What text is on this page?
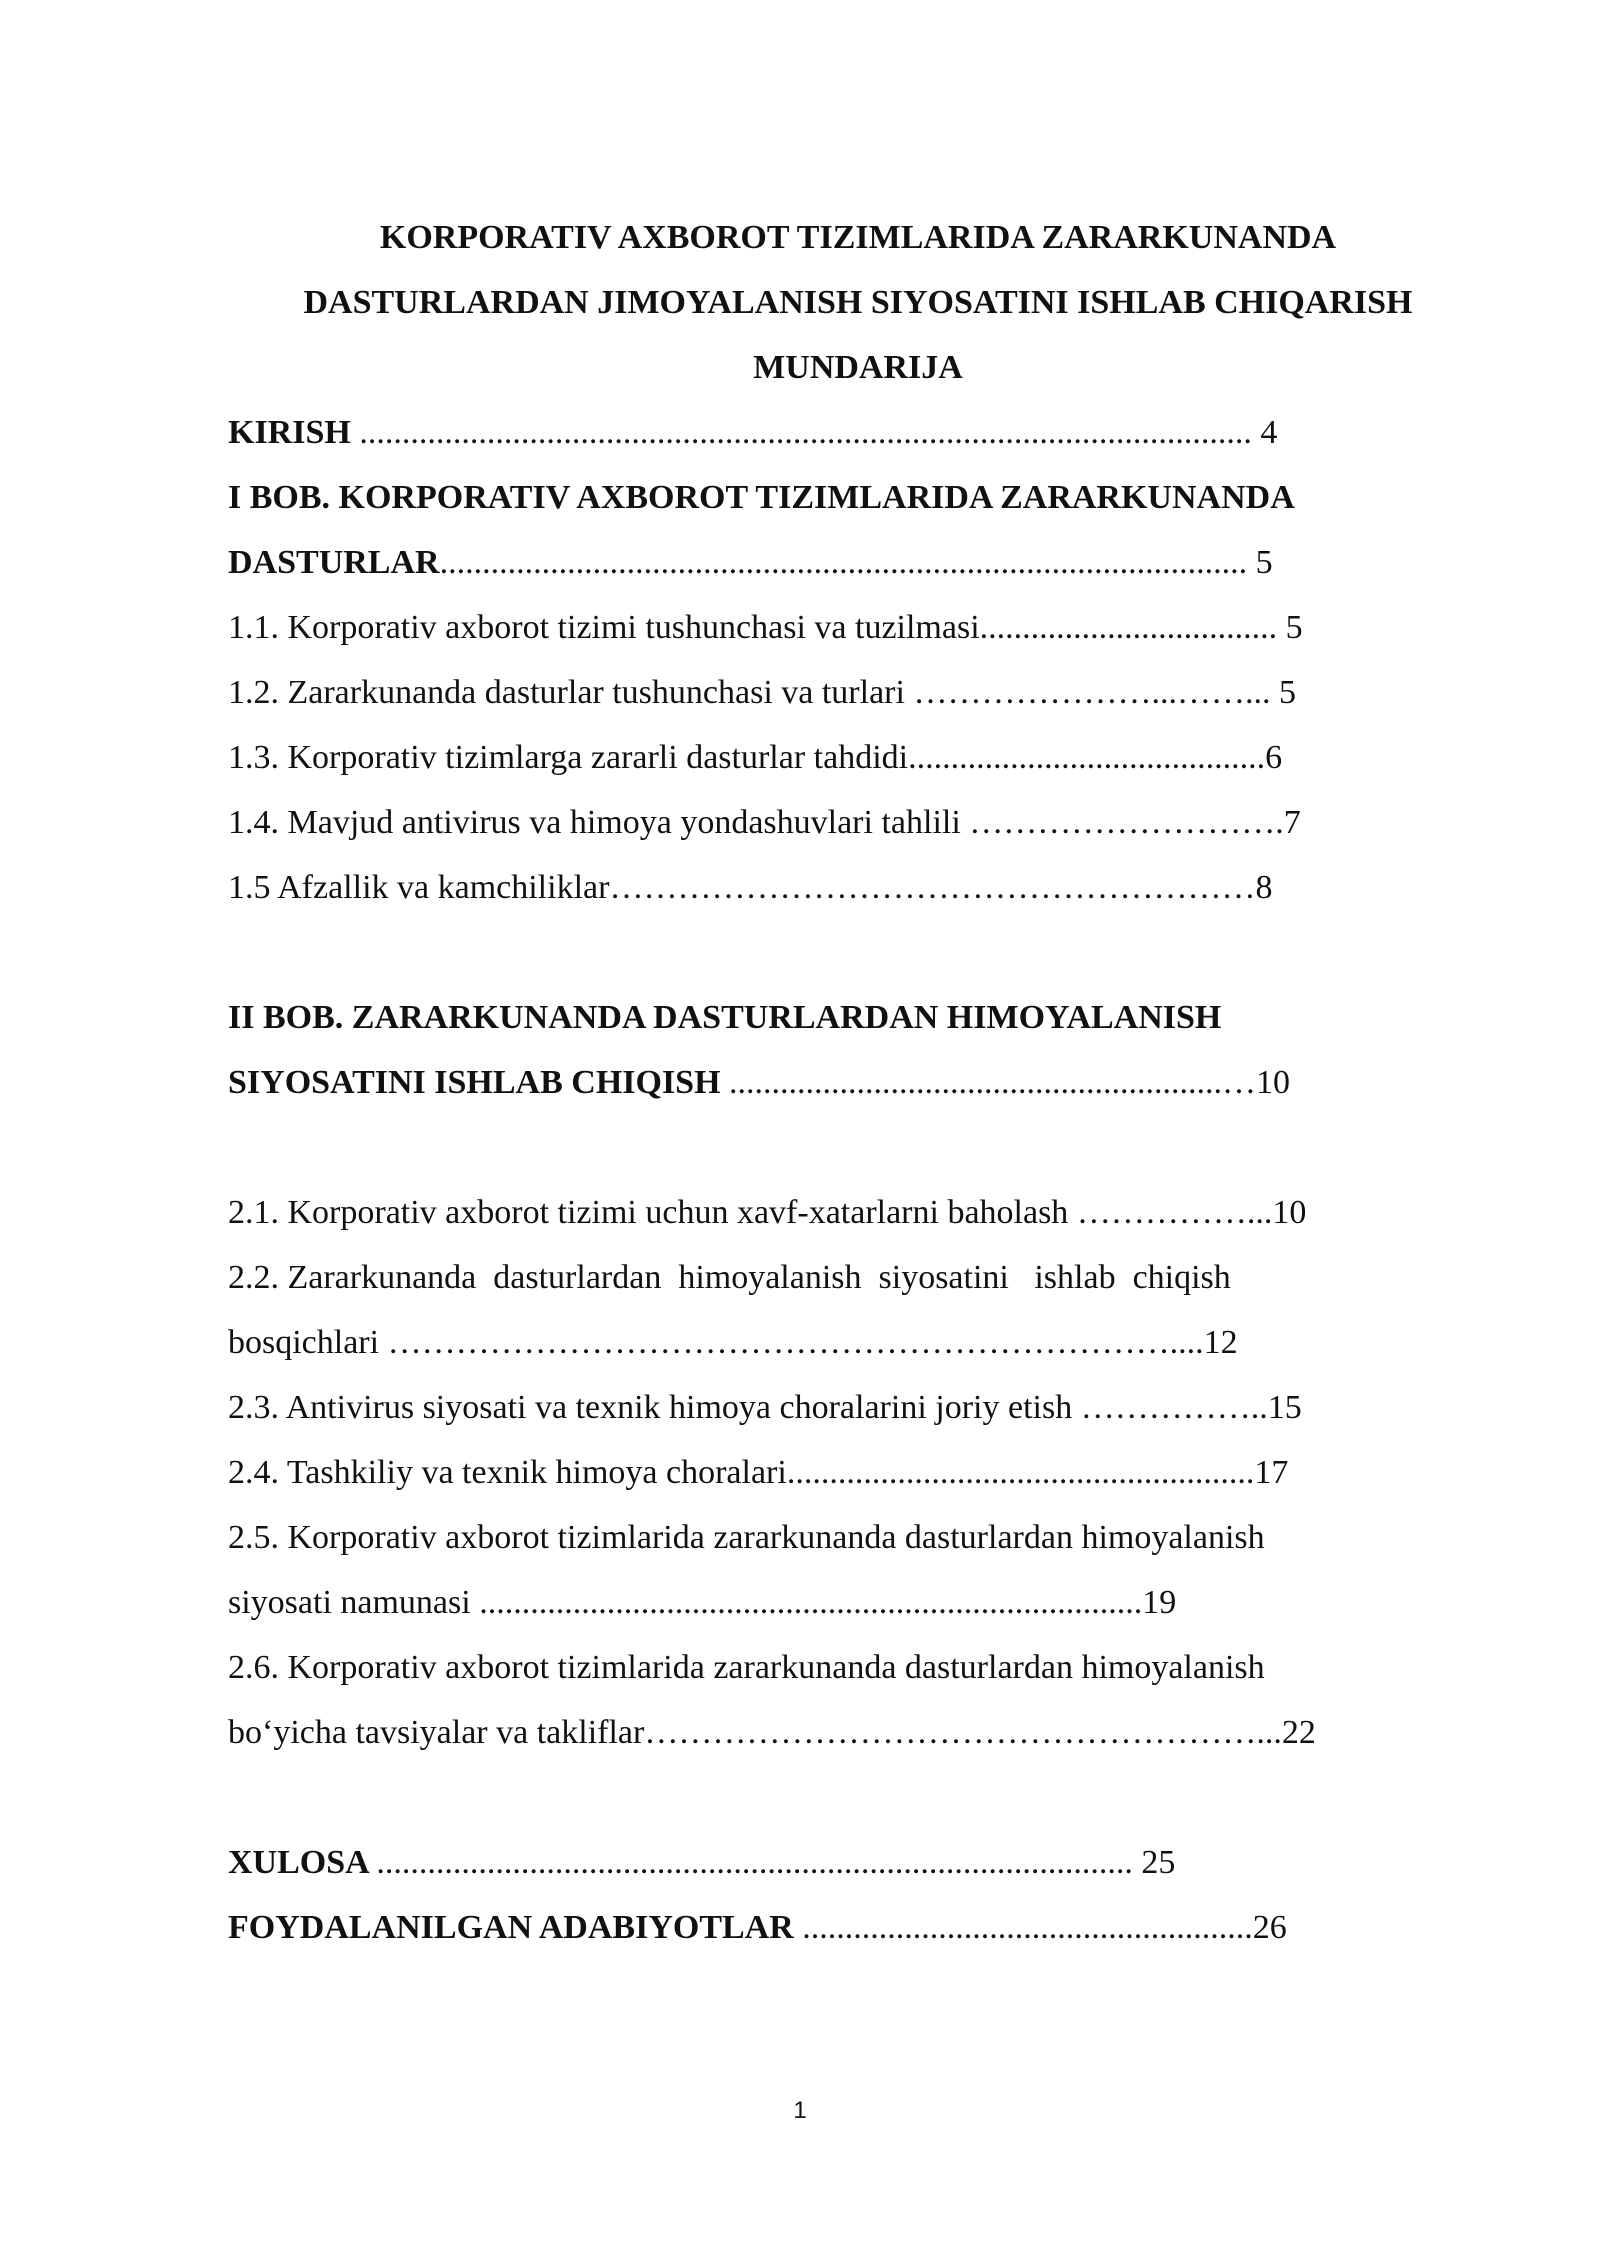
KORPORATIV AXBOROT TIZIMLARIDA ZARARKUNANDA
DASTURLARDAN JIMOYALANISH SIYOSATINI ISHLAB CHIQARISH
MUNDARIJA
KIRISH ......................................................................................................... 4
I BOB. KORPORATIV AXBOROT TIZIMLARIDA ZARARKUNANDA
DASTURLAR............................................................................................... 5
1.1. Korporativ axborot tizimi tushunchasi va tuzilmasi................................... 5
1.2. Zararkunanda dasturlar tushunchasi va turlari …………………...……... 5
1.3. Korporativ tizimlarga zararli dasturlar tahdidi..........................................6
1.4. Mavjud antivirus va himoya yondashuvlari tahlili ……………………….7
1.5 Afzallik va kamchiliklar…………………………………………………8
II BOB. ZARARKUNANDA DASTURLARDAN HIMOYALANISH
SIYOSATINI ISHLAB CHIQISH ..........................................................…10
2.1. Korporativ axborot tizimi uchun xavf-xatarlarni baholash ……………...10
2.2. Zararkunanda  dasturlardan  himoyalanish  siyosatini   ishlab  chiqish
bosqichlari ……………………………………………………………....12
2.3. Antivirus siyosati va texnik himoya choralarini joriy etish ……………..15
2.4. Tashkiliy va texnik himoya choralari.......................................................17
2.5. Korporativ axborot tizimlarida zararkunanda dasturlardan himoyalanish
siyosati namunasi ..............................................................................19
2.6. Korporativ axborot tizimlarida zararkunanda dasturlardan himoyalanish
bo‘yicha tavsiyalar va takliflar………………………………………………...22
XULOSA ......................................................................................... 25
FOYDALANILGAN ADABIYOTLAR .....................................................26
1
